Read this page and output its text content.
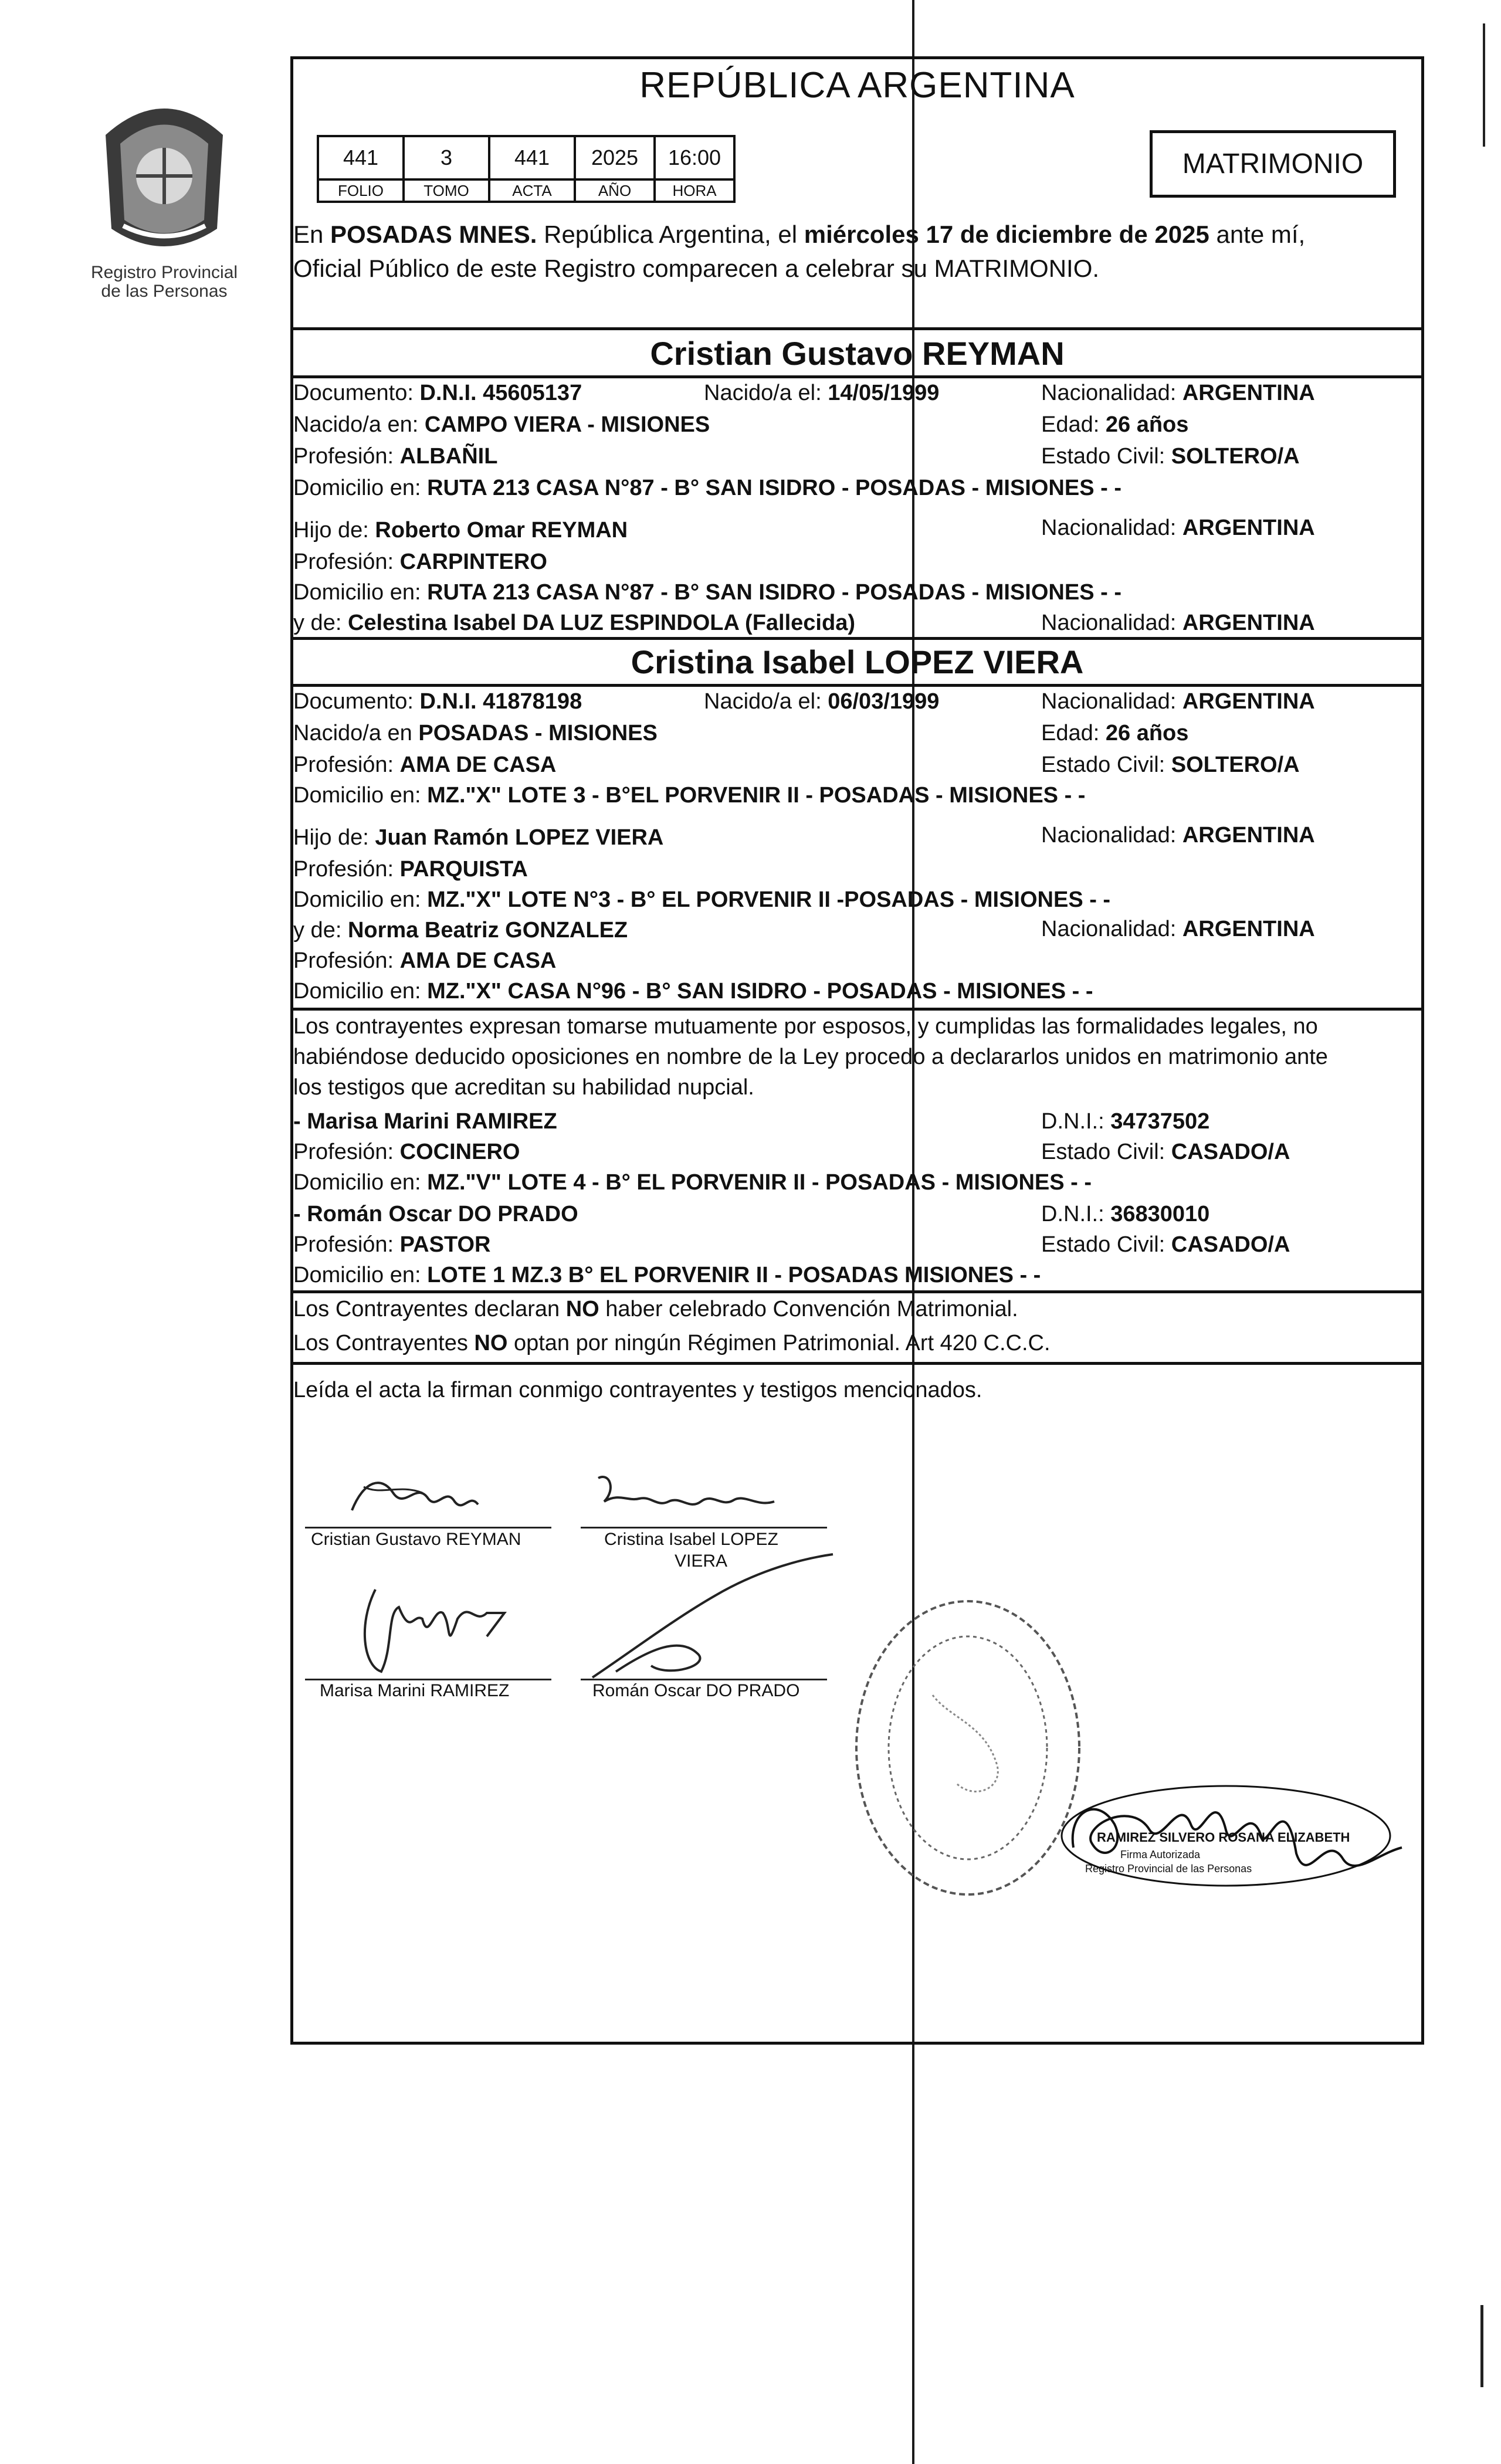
Registro Provincial
de las Personas
REPÚBLICA ARGENTINA
441	3	441	2025	16:00
FOLIO	TOMO	ACTA	AÑO	HORA
MATRIMONIO
En POSADAS MNES. República Argentina, el miércoles 17 de diciembre de 2025 ante mí,
Oficial Público de este Registro comparecen a celebrar su MATRIMONIO.
Cristian Gustavo REYMAN
Documento: D.N.I. 45605137	Nacido/a el: 14/05/1999	Nacionalidad: ARGENTINA
Nacido/a en: CAMPO VIERA - MISIONES	Edad: 26 años
Profesión: ALBAÑIL	Estado Civil: SOLTERO/A
Domicilio en: RUTA 213 CASA N°87 - B° SAN ISIDRO - POSADAS - MISIONES - -
Hijo de: Roberto Omar REYMAN	Nacionalidad: ARGENTINA
Profesión: CARPINTERO
Domicilio en: RUTA 213 CASA N°87 - B° SAN ISIDRO - POSADAS - MISIONES - -
y de: Celestina Isabel DA LUZ ESPINDOLA (Fallecida)	Nacionalidad: ARGENTINA
Cristina Isabel LOPEZ VIERA
Documento: D.N.I. 41878198	Nacido/a el: 06/03/1999	Nacionalidad: ARGENTINA
Nacido/a en POSADAS - MISIONES	Edad: 26 años
Profesión: AMA DE CASA	Estado Civil: SOLTERO/A
Domicilio en: MZ."X" LOTE 3 - B°EL PORVENIR II - POSADAS - MISIONES - -
Hijo de: Juan Ramón LOPEZ VIERA	Nacionalidad: ARGENTINA
Profesión: PARQUISTA
Domicilio en: MZ."X" LOTE N°3 - B° EL PORVENIR II -POSADAS - MISIONES - -
y de: Norma Beatriz GONZALEZ	Nacionalidad: ARGENTINA
Profesión: AMA DE CASA
Domicilio en: MZ."X" CASA N°96 - B° SAN ISIDRO - POSADAS - MISIONES - -
Los contrayentes expresan tomarse mutuamente por esposos, y cumplidas las formalidades legales, no
habiéndose deducido oposiciones en nombre de la Ley procedo a declararlos unidos en matrimonio ante
los testigos que acreditan su habilidad nupcial.
- Marisa Marini RAMIREZ	D.N.I.: 34737502
Profesión: COCINERO	Estado Civil: CASADO/A
Domicilio en: MZ."V" LOTE 4 - B° EL PORVENIR II - POSADAS - MISIONES - -
- Román Oscar DO PRADO	D.N.I.: 36830010
Profesión: PASTOR	Estado Civil: CASADO/A
Domicilio en: LOTE 1 MZ.3 B° EL PORVENIR II - POSADAS MISIONES - -
Los Contrayentes declaran NO haber celebrado Convención Matrimonial.
Los Contrayentes NO optan por ningún Régimen Patrimonial. Art 420 C.C.C.
Leída el acta la firman conmigo contrayentes y testigos mencionados.
Cristian Gustavo REYMAN	Cristina Isabel LOPEZ
VIERA
Marisa Marini RAMIREZ	Román Oscar DO PRADO
RAMIREZ SILVERO ROSANA ELIZABETH
Firma Autorizada
Registro Provincial de las Personas
